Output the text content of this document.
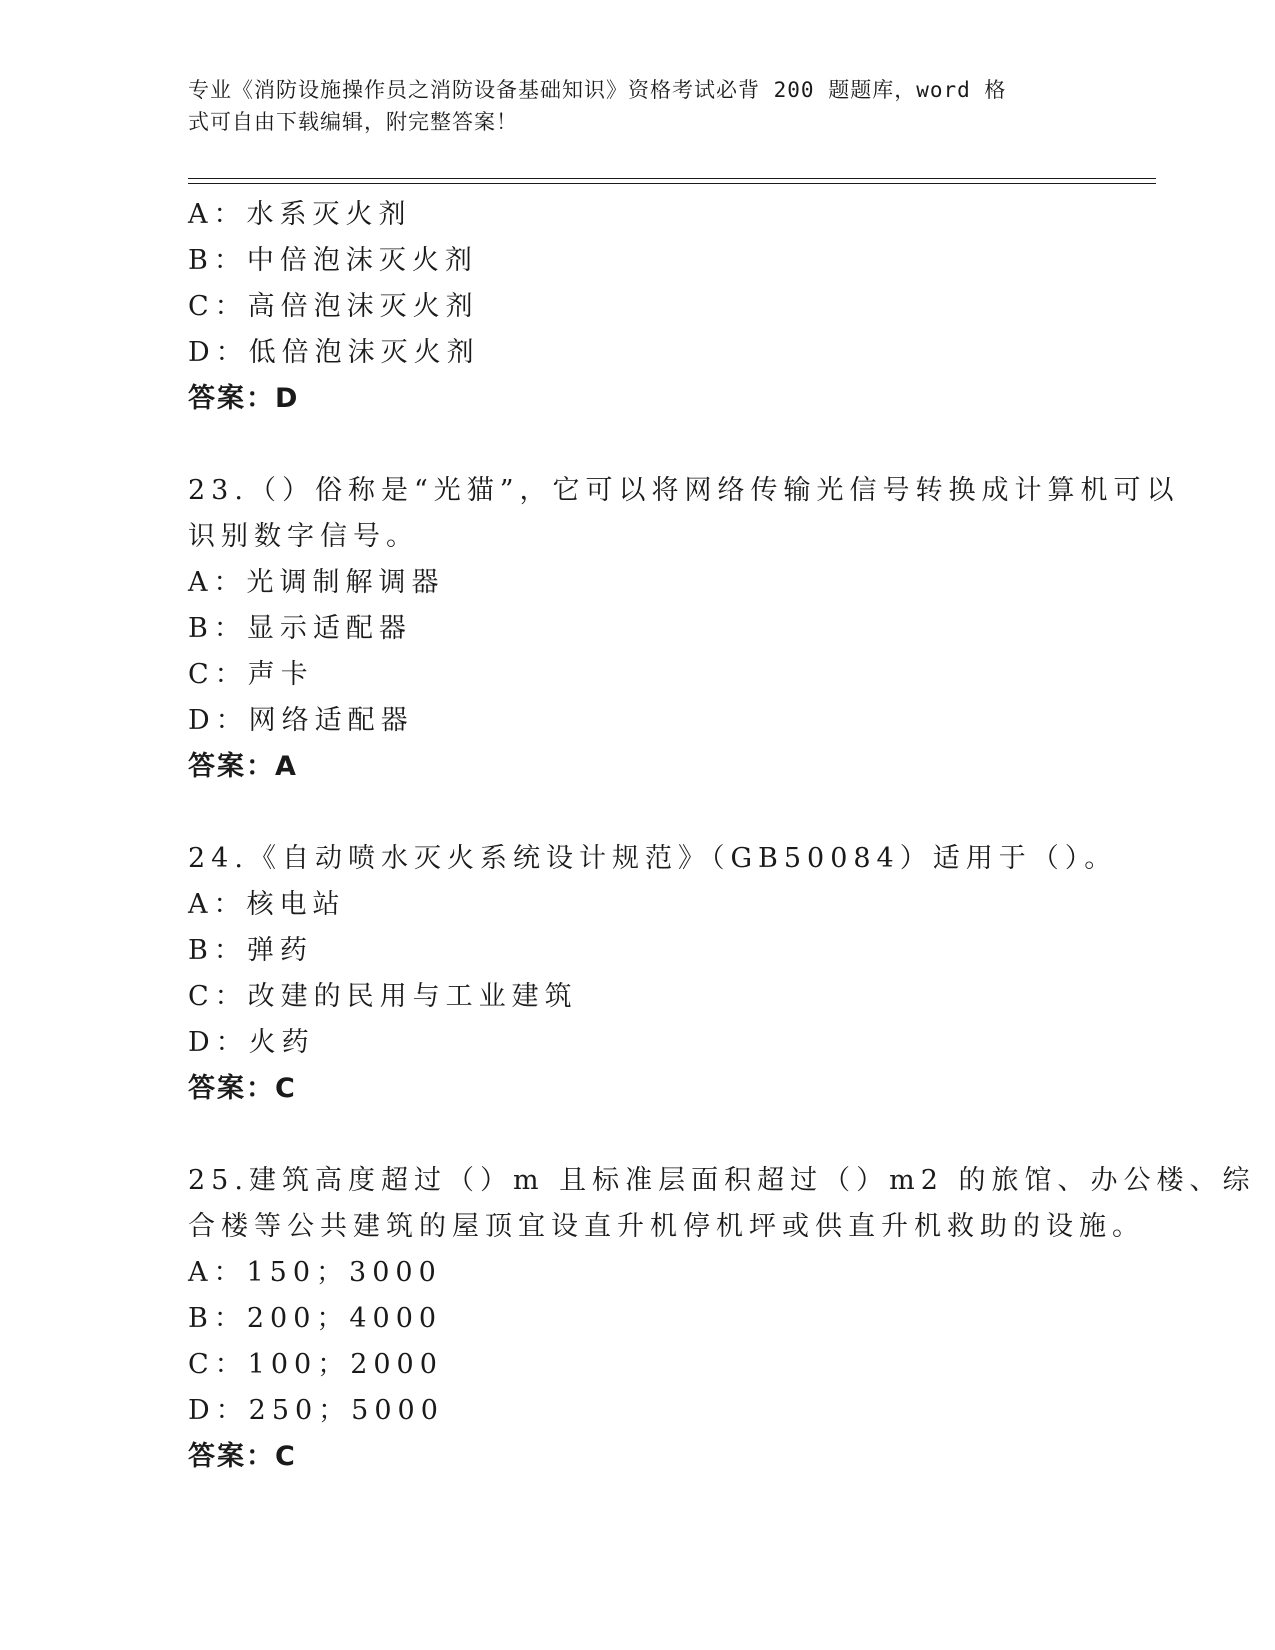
专业《消防设施操作员之消防设备基础知识》资格考试必背 200 题题库，word 格
式可自由下载编辑，附完整答案！
A：水系灭火剂
B：中倍泡沫灭火剂
C：高倍泡沫灭火剂
D：低倍泡沫灭火剂
答案：D
23.（）俗称是“光猫”，它可以将网络传输光信号转换成计算机可以
识别数字信号。
A：光调制解调器
B：显示适配器
C：声卡
D：网络适配器
答案：A
24.《自动喷水灭火系统设计规范》（GB50084）适用于（）。
A：核电站
B：弹药
C：改建的民用与工业建筑
D：火药
答案：C
25.建筑高度超过（）m 且标准层面积超过（）m2 的旅馆、办公楼、综
合楼等公共建筑的屋顶宜设直升机停机坪或供直升机救助的设施。
A：150；3000
B：200；4000
C：100；2000
D：250；5000
答案：C
